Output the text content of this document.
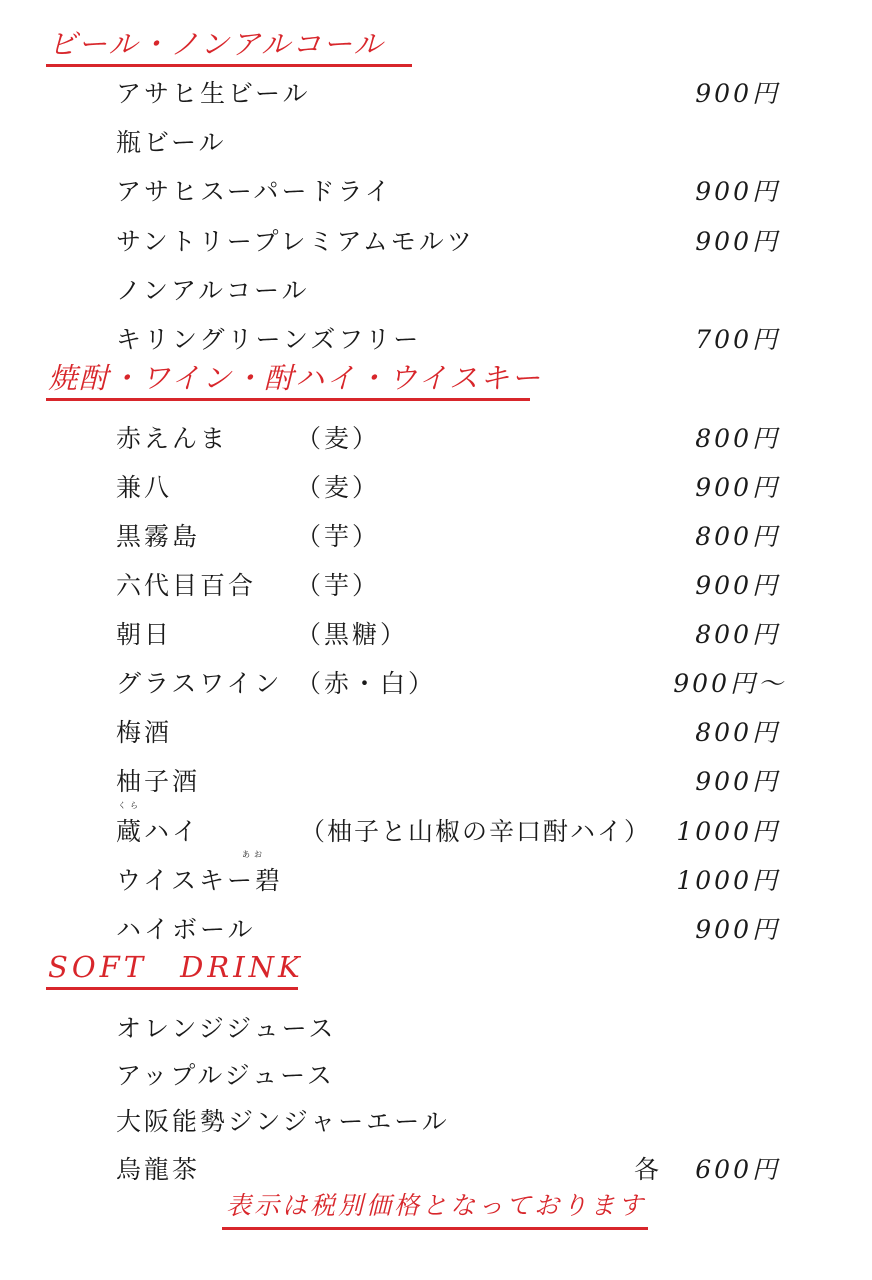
ビール・ノンアルコール
アサヒ生ビール	900円
瓶ビール
アサヒスーパードライ	900円
サントリープレミアムモルツ	900円
ノンアルコール
キリングリーンズフリー	700円
焼酎・ワイン・酎ハイ・ウイスキー
赤えんま	（麦）	800円
兼八	（麦）	900円
黒霧島	（芋）	800円
六代目百合 （芋）	900円
朝日	（黒糖）	800円
グラスワイン （赤・白）	900円～
梅酒	800円
柚子酒	900円
くら
蔵ハイ	（柚子と山椒の辛口酎ハイ） 1000円
あお
ウイスキー碧	1000円
ハイボール	900円
SOFT　DRINK
オレンジジュース
アップルジュース
大阪能勢ジンジャーエール
烏龍茶	各 600円
表示は税別価格となっております
